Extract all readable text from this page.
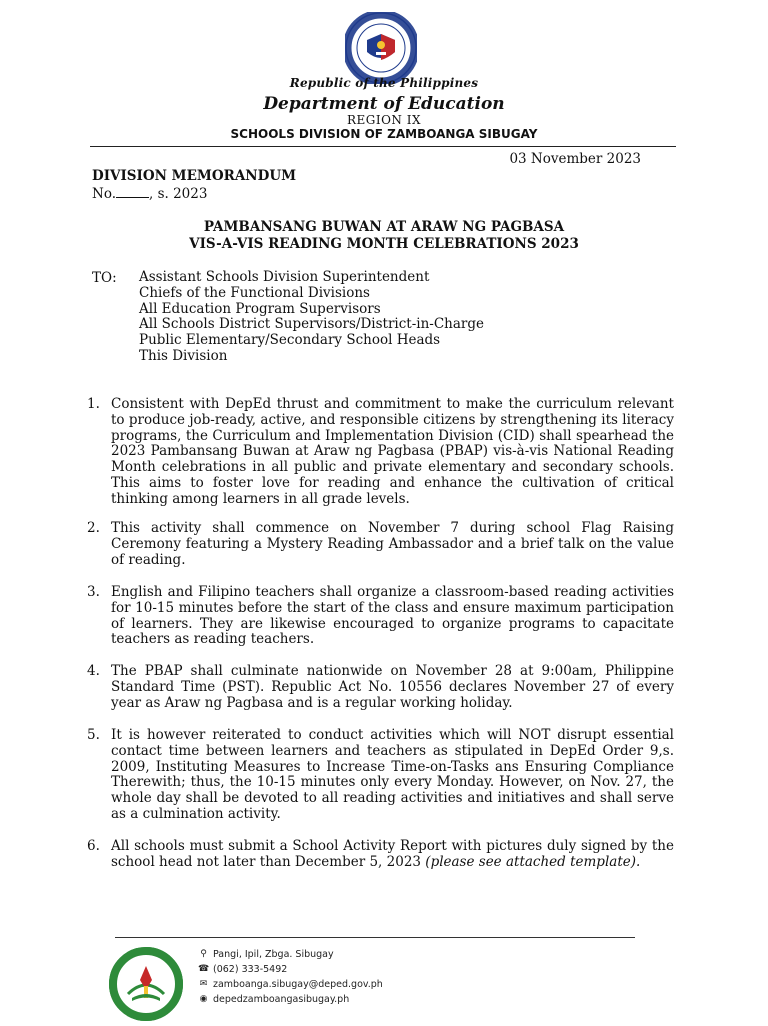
Republic of the Philippines
Department of Education
REGION IX
SCHOOLS DIVISION OF ZAMBOANGA SIBUGAY
03 November 2023
DIVISION MEMORANDUM
No. , s. 2023
PAMBANSANG BUWAN AT ARAW NG PAGBASA
VIS-A-VIS READING MONTH CELEBRATIONS 2023
TO: Assistant Schools Division Superintendent
Chiefs of the Functional Divisions
All Education Program Supervisors
All Schools District Supervisors/District-in-Charge
Public Elementary/Secondary School Heads
This Division
1. Consistent with DepEd thrust and commitment to make the curriculum relevant to produce job-ready, active, and responsible citizens by strengthening its literacy programs, the Curriculum and Implementation Division (CID) shall spearhead the 2023 Pambansang Buwan at Araw ng Pagbasa (PBAP) vis-à-vis National Reading Month celebrations in all public and private elementary and secondary schools. This aims to foster love for reading and enhance the cultivation of critical thinking among learners in all grade levels.
2. This activity shall commence on November 7 during school Flag Raising Ceremony featuring a Mystery Reading Ambassador and a brief talk on the value of reading.
3. English and Filipino teachers shall organize a classroom-based reading activities for 10-15 minutes before the start of the class and ensure maximum participation of learners. They are likewise encouraged to organize programs to capacitate teachers as reading teachers.
4. The PBAP shall culminate nationwide on November 28 at 9:00am, Philippine Standard Time (PST). Republic Act No. 10556 declares November 27 of every year as Araw ng Pagbasa and is a regular working holiday.
5. It is however reiterated to conduct activities which will NOT disrupt essential contact time between learners and teachers as stipulated in DepEd Order 9,s. 2009, Instituting Measures to Increase Time-on-Tasks ans Ensuring Compliance Therewith; thus, the 10-15 minutes only every Monday. However, on Nov. 27, the whole day shall be devoted to all reading activities and initiatives and shall serve as a culmination activity.
6. All schools must submit a School Activity Report with pictures duly signed by the school head not later than December 5, 2023 (please see attached template).
⚲ Pangi, Ipil, Zbga. Sibugay
☎ (062) 333-5492
✉ zamboanga.sibugay@deped.gov.ph
◉ depedzamboangasibugay.ph
